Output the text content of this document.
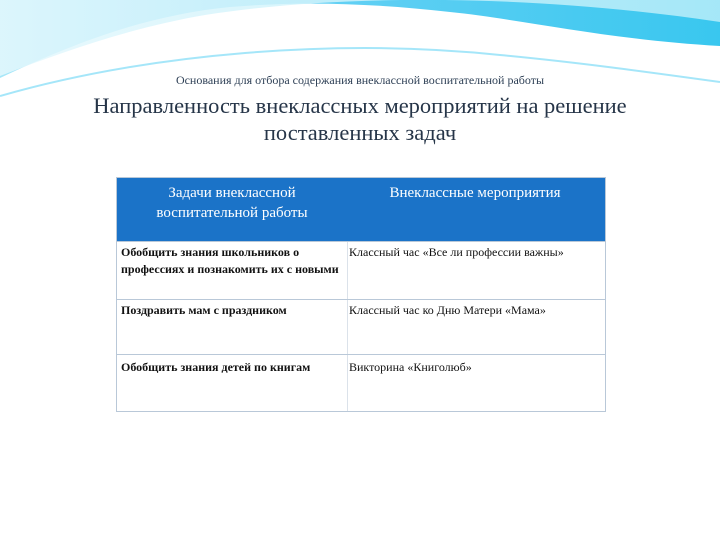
Основания для отбора содержания внеклассной воспитательной работы
Направленность внеклассных мероприятий на решение
поставленных задач
Задачи внеклассной воспитательной работы
Внеклассные мероприятия
Обобщить знания школьников о профессиях и познакомить их с новыми
Классный час «Все ли профессии важны»
Поздравить мам с праздником	Классный час ко Дню Матери «Мама»
Обобщить знания детей по книгам	Викторина «Книголюб»
